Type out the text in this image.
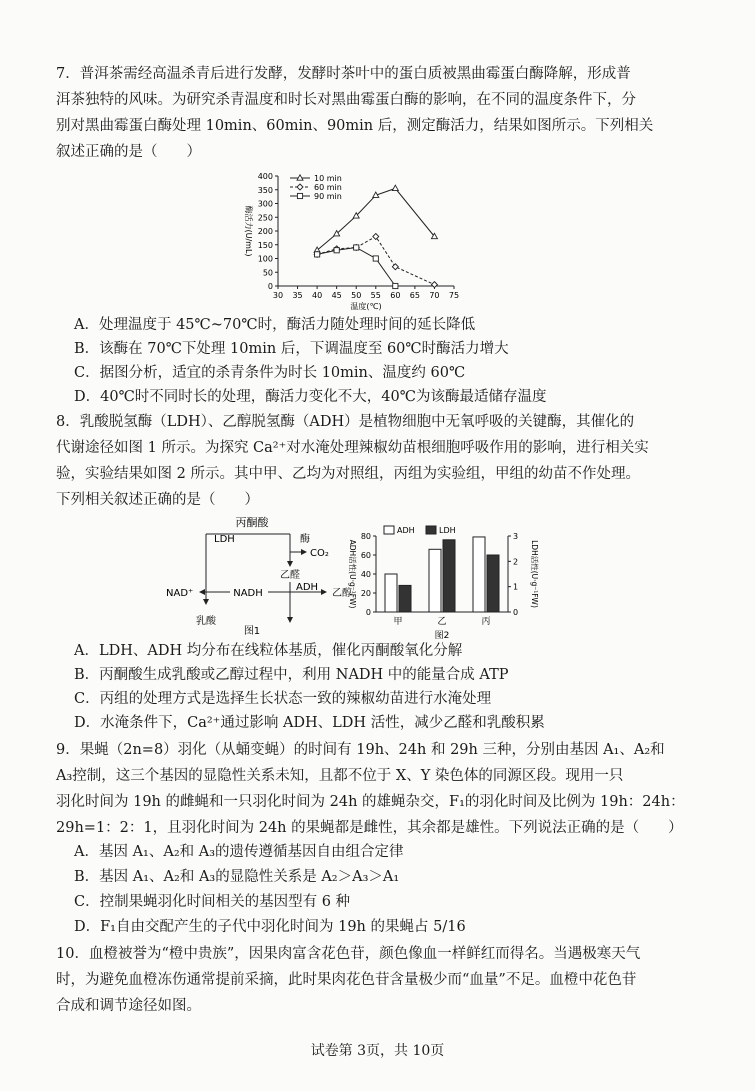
7．普洱茶需经高温杀青后进行发酵，发酵时茶叶中的蛋白质被黑曲霉蛋白酶降解，形成普
洱茶独特的风味。为研究杀青温度和时长对黑曲霉蛋白酶的影响，在不同的温度条件下，分
别对黑曲霉蛋白酶处理 10min、60min、90min 后，测定酶活力，结果如图所示。下列相关
叙述正确的是（　　）
30 35 40 45 50 55 60 65 70 75
0
50
100
150
200
250
300
350
400
温度(℃)
酶活力(U/mL)
10 min
60 min
90 min
A．处理温度于 45℃~70℃时，酶活力随处理时间的延长降低
B．该酶在 70℃下处理 10min 后，下调温度至 60℃时酶活力增大
C．据图分析，适宜的杀青条件为时长 10min、温度约 60℃
D．40℃时不同时长的处理，酶活力变化不大，40℃为该酶最适储存温度
8．乳酸脱氢酶（LDH）、乙醇脱氢酶（ADH）是植物细胞中无氧呼吸的关键酶，其催化的
代谢途径如图 1 所示。为探究 Ca²⁺对水淹处理辣椒幼苗根细胞呼吸作用的影响，进行相关实
验，实验结果如图 2 所示。其中甲、乙均为对照组，丙组为实验组，甲组的幼苗不作处理。
下列相关叙述正确的是（　　）
丙酮酸
LDH	酶
CO₂
乙醛
ADH
NAD⁺	NADH
乳酸
乙醇
图1
0
20
40
60
80
0
1
2
3
ADH活性(U·g⁻¹FW)	LDH活性(U·g⁻¹FW)
甲	乙	丙
ADH	LDH
图2
A．LDH、ADH 均分布在线粒体基质，催化丙酮酸氧化分解
B．丙酮酸生成乳酸或乙醇过程中，利用 NADH 中的能量合成 ATP
C．丙组的处理方式是选择生长状态一致的辣椒幼苗进行水淹处理
D．水淹条件下，Ca²⁺通过影响 ADH、LDH 活性，减少乙醛和乳酸积累
9．果蝇（2n=8）羽化（从蛹变蝇）的时间有 19h、24h 和 29h 三种，分别由基因 A₁、A₂和
A₃控制，这三个基因的显隐性关系未知，且都不位于 X、Y 染色体的同源区段。现用一只
羽化时间为 19h 的雌蝇和一只羽化时间为 24h 的雄蝇杂交，F₁的羽化时间及比例为 19h：24h：
29h=1：2：1，且羽化时间为 24h 的果蝇都是雌性，其余都是雄性。下列说法正确的是（　　）
A．基因 A₁、A₂和 A₃的遗传遵循基因自由组合定律
B．基因 A₁、A₂和 A₃的显隐性关系是 A₂＞A₃＞A₁
C．控制果蝇羽化时间相关的基因型有 6 种
D．F₁自由交配产生的子代中羽化时间为 19h 的果蝇占 5/16
10．血橙被誉为“橙中贵族”，因果肉富含花色苷，颜色像血一样鲜红而得名。当遇极寒天气
时，为避免血橙冻伤通常提前采摘，此时果肉花色苷含量极少而“血量”不足。血橙中花色苷
合成和调节途径如图。
试卷第 3页，共 10页
